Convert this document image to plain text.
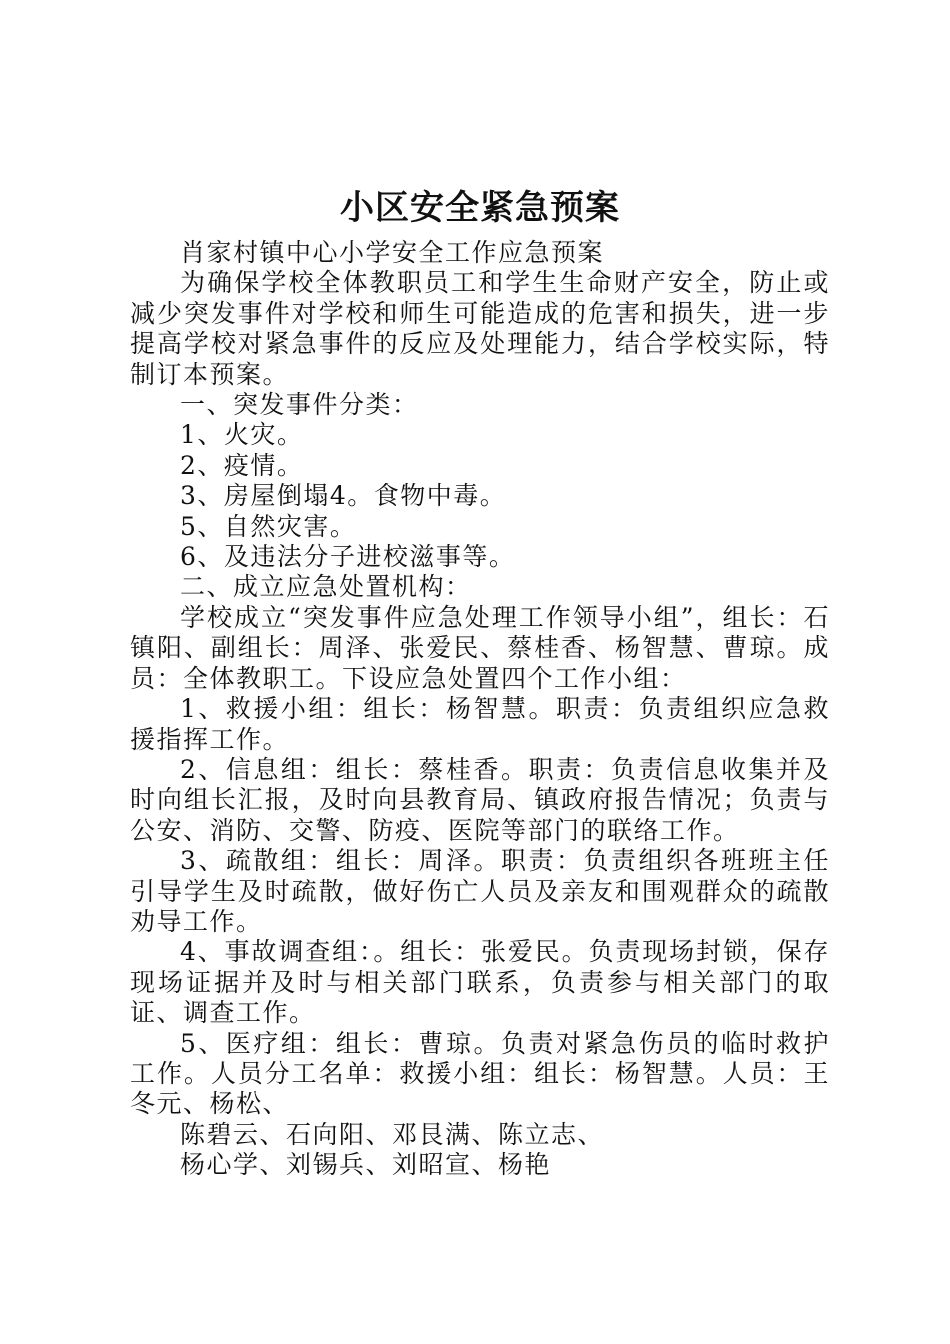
小区安全紧急预案

肖家村镇中心小学安全工作应急预案

为确保学校全体教职员工和学生生命财产安全，防止或减少突发事件对学校和师生可能造成的危害和损失，进一步提高学校对紧急事件的反应及处理能力，结合学校实际，特制订本预案。

一、突发事件分类：

1、火灾。

2、疫情。

3、房屋倒塌4。食物中毒。

5、自然灾害。

6、及违法分子进校滋事等。

二、成立应急处置机构：

学校成立“突发事件应急处理工作领导小组”，组长：石镇阳、副组长：周泽、张爱民、蔡桂香、杨智慧、曹琼。成员：全体教职工。下设应急处置四个工作小组：

1、救援小组：组长：杨智慧。职责：负责组织应急救援指挥工作。

2、信息组：组长：蔡桂香。职责：负责信息收集并及时向组长汇报，及时向县教育局、镇政府报告情况；负责与公安、消防、交警、防疫、医院等部门的联络工作。

3、疏散组：组长：周泽。职责：负责组织各班班主任引导学生及时疏散，做好伤亡人员及亲友和围观群众的疏散劝导工作。

4、事故调查组：。组长：张爱民。负责现场封锁，保存现场证据并及时与相关部门联系，负责参与相关部门的取证、调查工作。

5、医疗组：组长：曹琼。负责对紧急伤员的临时救护工作。人员分工名单：救援小组：组长：杨智慧。人员：王冬元、杨松、

陈碧云、石向阳、邓艮满、陈立志、

杨心学、刘锡兵、刘昭宣、杨艳
